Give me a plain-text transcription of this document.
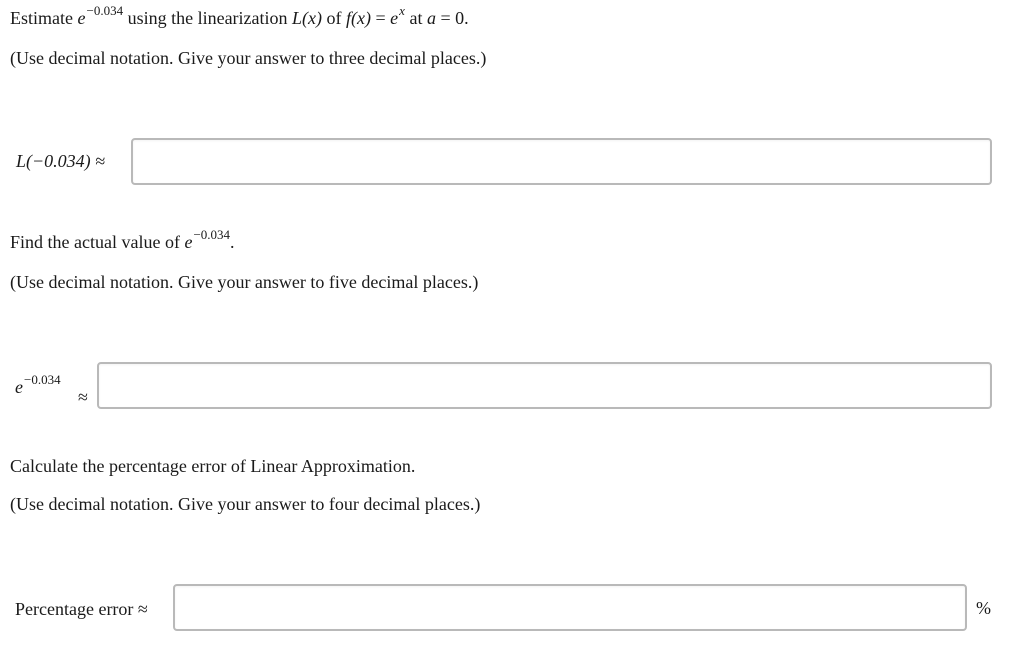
Estimate $e^{-0.034}$ using the linearization L(x) of $f(x) = e^x$ at a = 0.
(Use decimal notation. Give your answer to three decimal places.)
L(−0.034) ≈
Find the actual value of $e^{-0.034}$.
(Use decimal notation. Give your answer to five decimal places.)
$e^{-0.034}$
≈
Calculate the percentage error of Linear Approximation.
(Use decimal notation. Give your answer to four decimal places.)
Percentage error ≈	%
